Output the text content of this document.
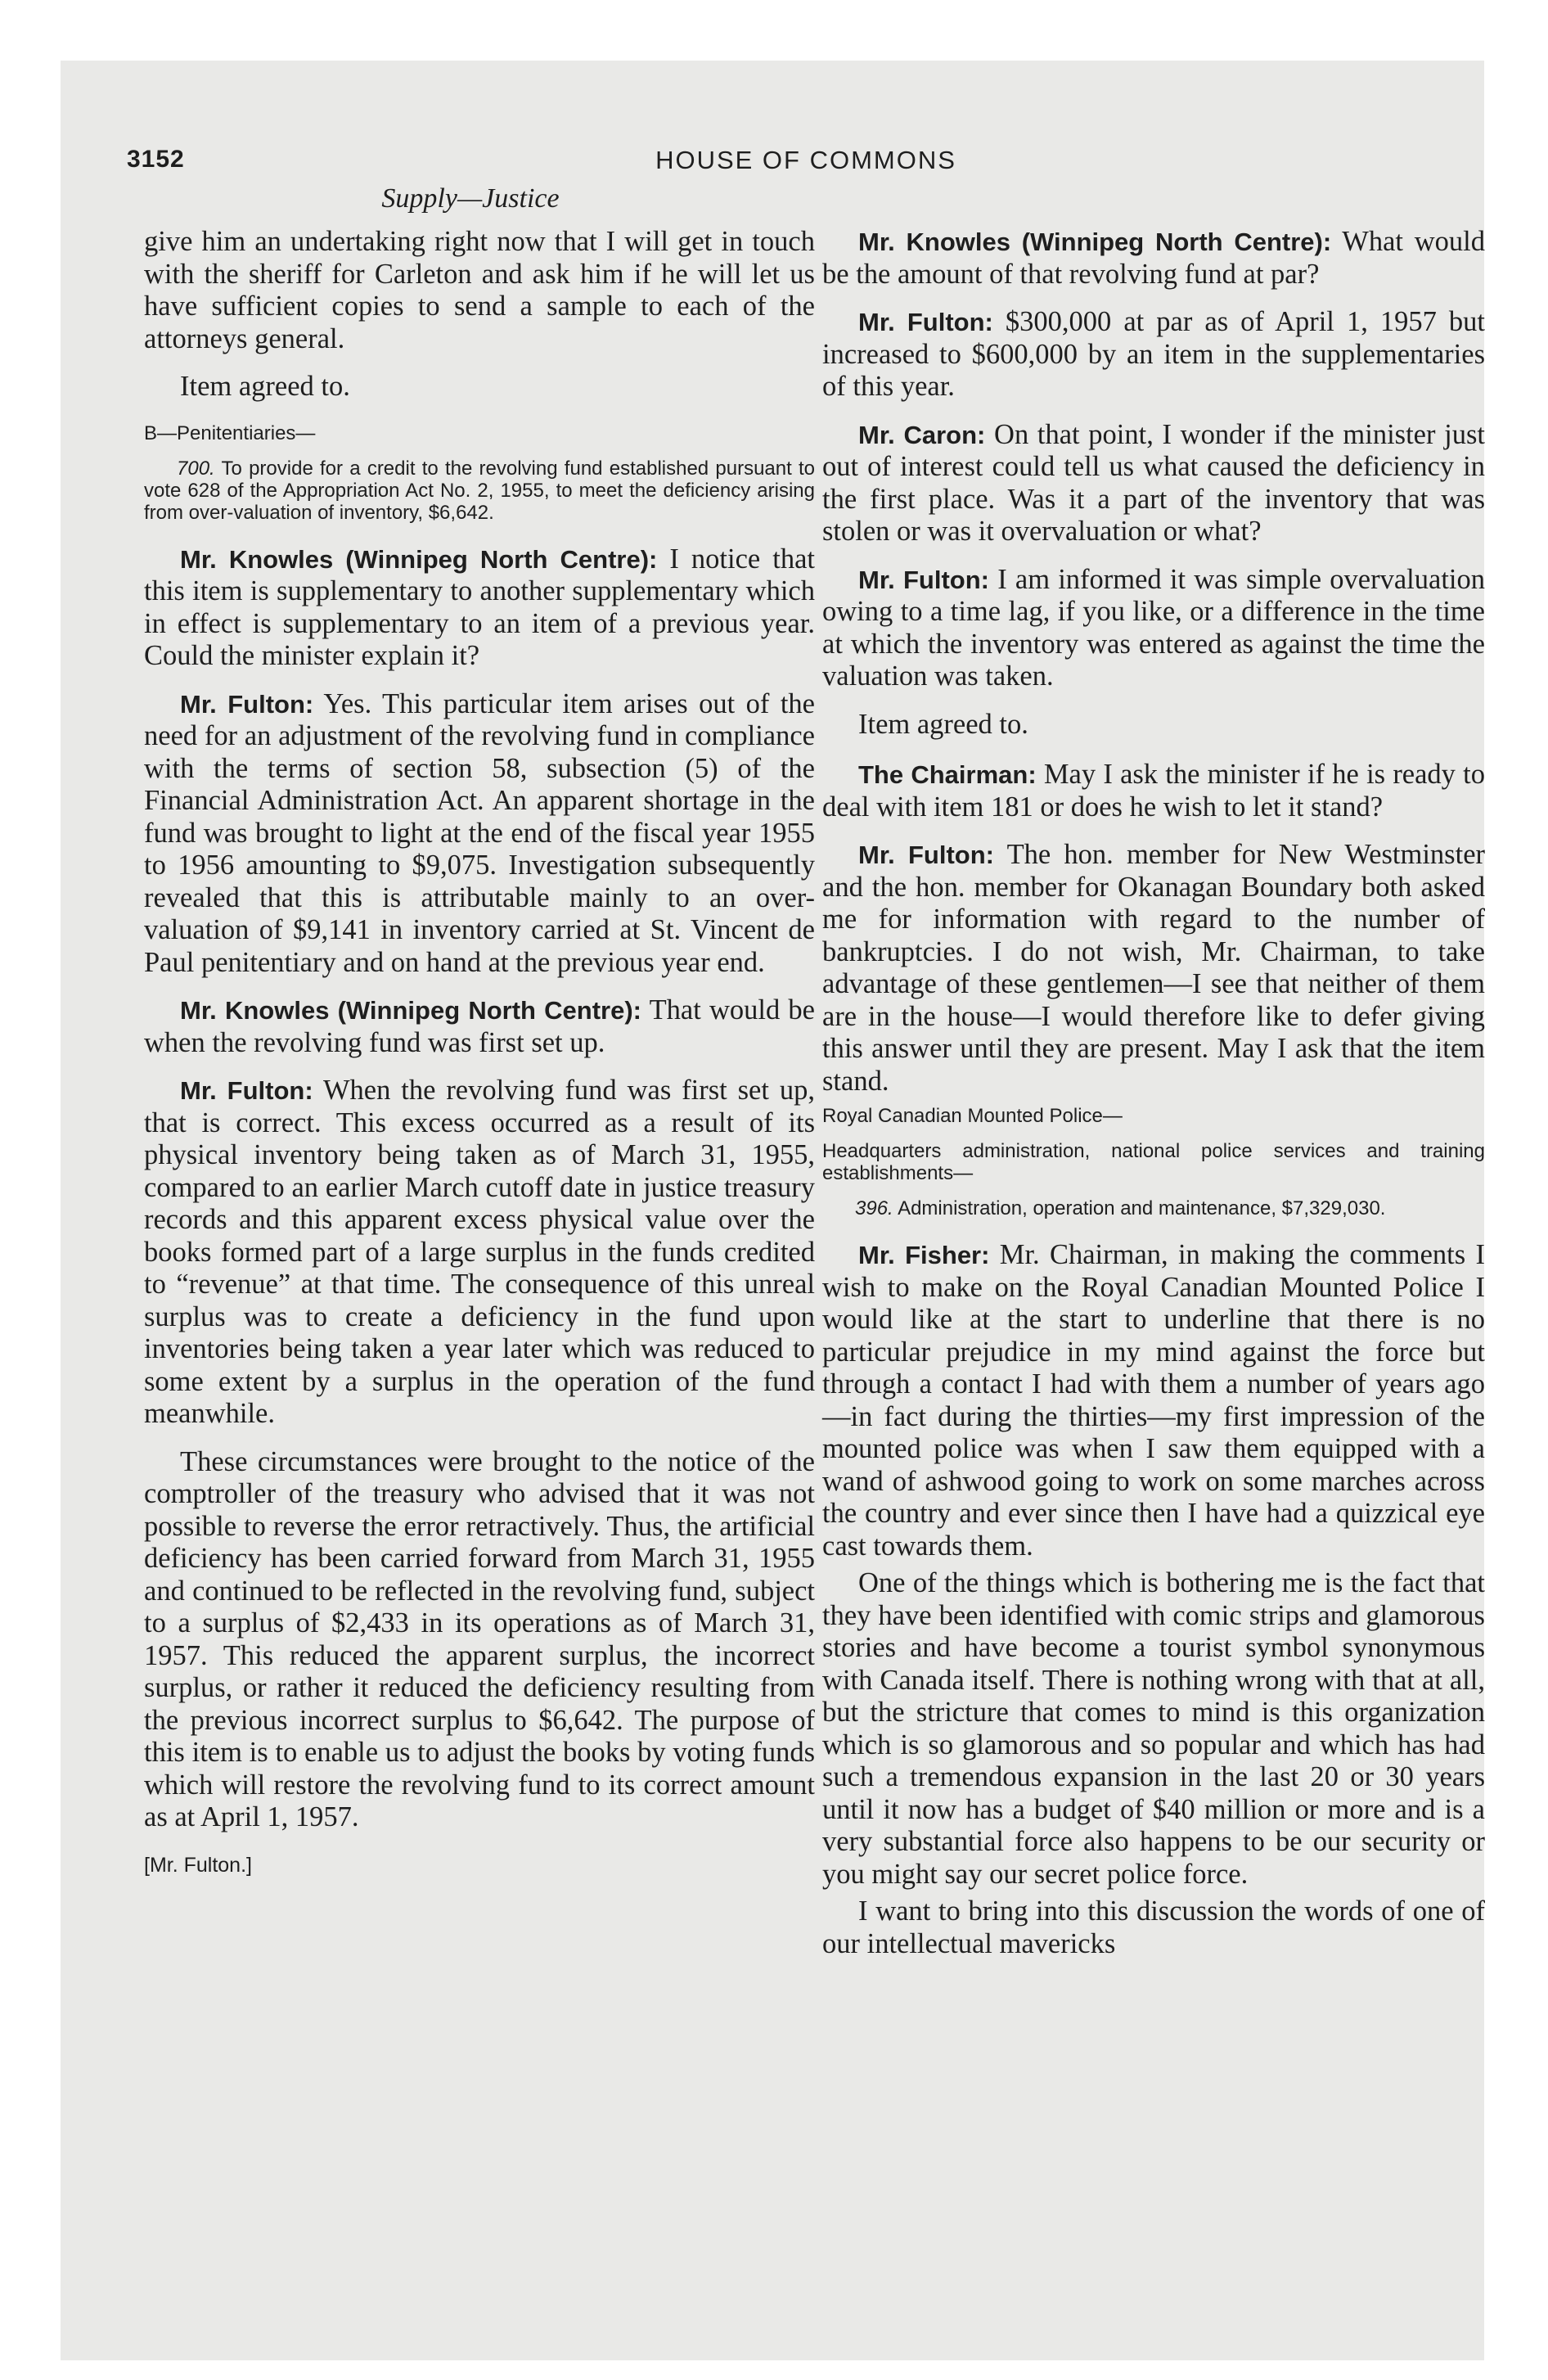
3152	HOUSE OF COMMONS
Supply—Justice

give him an undertaking right now that I will get in touch with the sheriff for Carleton and ask him if he will let us have sufficient copies to send a sample to each of the attorneys general.

Item agreed to.

B—Penitentiaries—

700. To provide for a credit to the revolving fund established pursuant to vote 628 of the Appropriation Act No. 2, 1955, to meet the deficiency arising from over-valuation of inventory, $6,642.

Mr. Knowles (Winnipeg North Centre): I notice that this item is supplementary to another supplementary which in effect is supplementary to an item of a previous year. Could the minister explain it?

Mr. Fulton: Yes. This particular item arises out of the need for an adjustment of the revolving fund in compliance with the terms of section 58, subsection (5) of the Financial Administration Act. An apparent shortage in the fund was brought to light at the end of the fiscal year 1955 to 1956 amounting to $9,075. Investigation subsequently revealed that this is attributable mainly to an over-valuation of $9,141 in inventory carried at St. Vincent de Paul penitentiary and on hand at the previous year end.

Mr. Knowles (Winnipeg North Centre): That would be when the revolving fund was first set up.

Mr. Fulton: When the revolving fund was first set up, that is correct. This excess occurred as a result of its physical inventory being taken as of March 31, 1955, compared to an earlier March cutoff date in justice treasury records and this apparent excess physical value over the books formed part of a large surplus in the funds credited to “revenue” at that time. The consequence of this unreal surplus was to create a deficiency in the fund upon inventories being taken a year later which was reduced to some extent by a surplus in the operation of the fund meanwhile.

These circumstances were brought to the notice of the comptroller of the treasury who advised that it was not possible to reverse the error retractively. Thus, the artificial deficiency has been carried forward from March 31, 1955 and continued to be reflected in the revolving fund, subject to a surplus of $2,433 in its operations as of March 31, 1957. This reduced the apparent surplus, the incorrect surplus, or rather it reduced the deficiency resulting from the previous incorrect surplus to $6,642. The purpose of this item is to enable us to adjust the books by voting funds which will restore the revolving fund to its correct amount as at April 1, 1957.

[Mr. Fulton.]

Mr. Knowles (Winnipeg North Centre): What would be the amount of that revolving fund at par?

Mr. Fulton: $300,000 at par as of April 1, 1957 but increased to $600,000 by an item in the supplementaries of this year.

Mr. Caron: On that point, I wonder if the minister just out of interest could tell us what caused the deficiency in the first place. Was it a part of the inventory that was stolen or was it overvaluation or what?

Mr. Fulton: I am informed it was simple overvaluation owing to a time lag, if you like, or a difference in the time at which the inventory was entered as against the time the valuation was taken.

Item agreed to.

The Chairman: May I ask the minister if he is ready to deal with item 181 or does he wish to let it stand?

Mr. Fulton: The hon. member for New Westminster and the hon. member for Okanagan Boundary both asked me for information with regard to the number of bankruptcies. I do not wish, Mr. Chairman, to take advantage of these gentlemen—I see that neither of them are in the house—I would therefore like to defer giving this answer until they are present. May I ask that the item stand.

Royal Canadian Mounted Police—
Headquarters administration, national police services and training establishments—

396. Administration, operation and maintenance, $7,329,030.

Mr. Fisher: Mr. Chairman, in making the comments I wish to make on the Royal Canadian Mounted Police I would like at the start to underline that there is no particular prejudice in my mind against the force but through a contact I had with them a number of years ago—in fact during the thirties—my first impression of the mounted police was when I saw them equipped with a wand of ashwood going to work on some marches across the country and ever since then I have had a quizzical eye cast towards them.

One of the things which is bothering me is the fact that they have been identified with comic strips and glamorous stories and have become a tourist symbol synonymous with Canada itself. There is nothing wrong with that at all, but the stricture that comes to mind is this organization which is so glamorous and so popular and which has had such a tremendous expansion in the last 20 or 30 years until it now has a budget of $40 million or more and is a very substantial force also happens to be our security or you might say our secret police force.

I want to bring into this discussion the words of one of our intellectual mavericks
